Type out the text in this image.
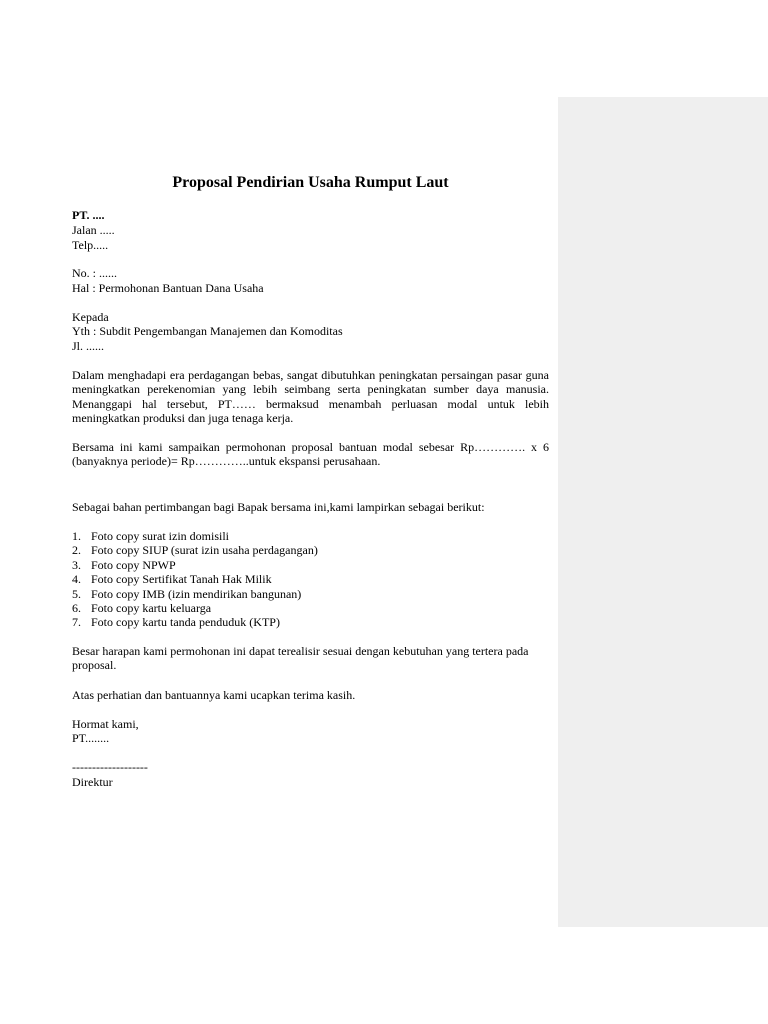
Proposal Pendirian Usaha Rumput Laut
PT. ....
Jalan .....
Telp.....
No. : ......
Hal : Permohonan Bantuan Dana Usaha
Kepada
Yth : Subdit Pengembangan Manajemen dan Komoditas
Jl. ......
Dalam menghadapi era perdagangan bebas, sangat dibutuhkan peningkatan persaingan pasar guna meningkatkan perekenomian yang lebih seimbang serta peningkatan sumber daya manusia. Menanggapi hal tersebut, PT…… bermaksud menambah perluasan modal untuk lebih meningkatkan produksi dan juga tenaga kerja.
Bersama ini kami sampaikan permohonan proposal bantuan modal sebesar Rp…………. x 6 (banyaknya periode)= Rp…………..untuk ekspansi perusahaan.
Sebagai bahan pertimbangan bagi Bapak bersama ini,kami lampirkan sebagai berikut:
1. Foto copy surat izin domisili
2. Foto copy SIUP (surat izin usaha perdagangan)
3. Foto copy NPWP
4. Foto copy Sertifikat Tanah Hak Milik
5. Foto copy IMB (izin mendirikan bangunan)
6. Foto copy kartu keluarga
7. Foto copy kartu tanda penduduk (KTP)
Besar harapan kami permohonan ini dapat terealisir sesuai dengan kebutuhan yang tertera pada proposal.
Atas perhatian dan bantuannya kami ucapkan terima kasih.
Hormat kami,
PT........
-------------------
Direktur
